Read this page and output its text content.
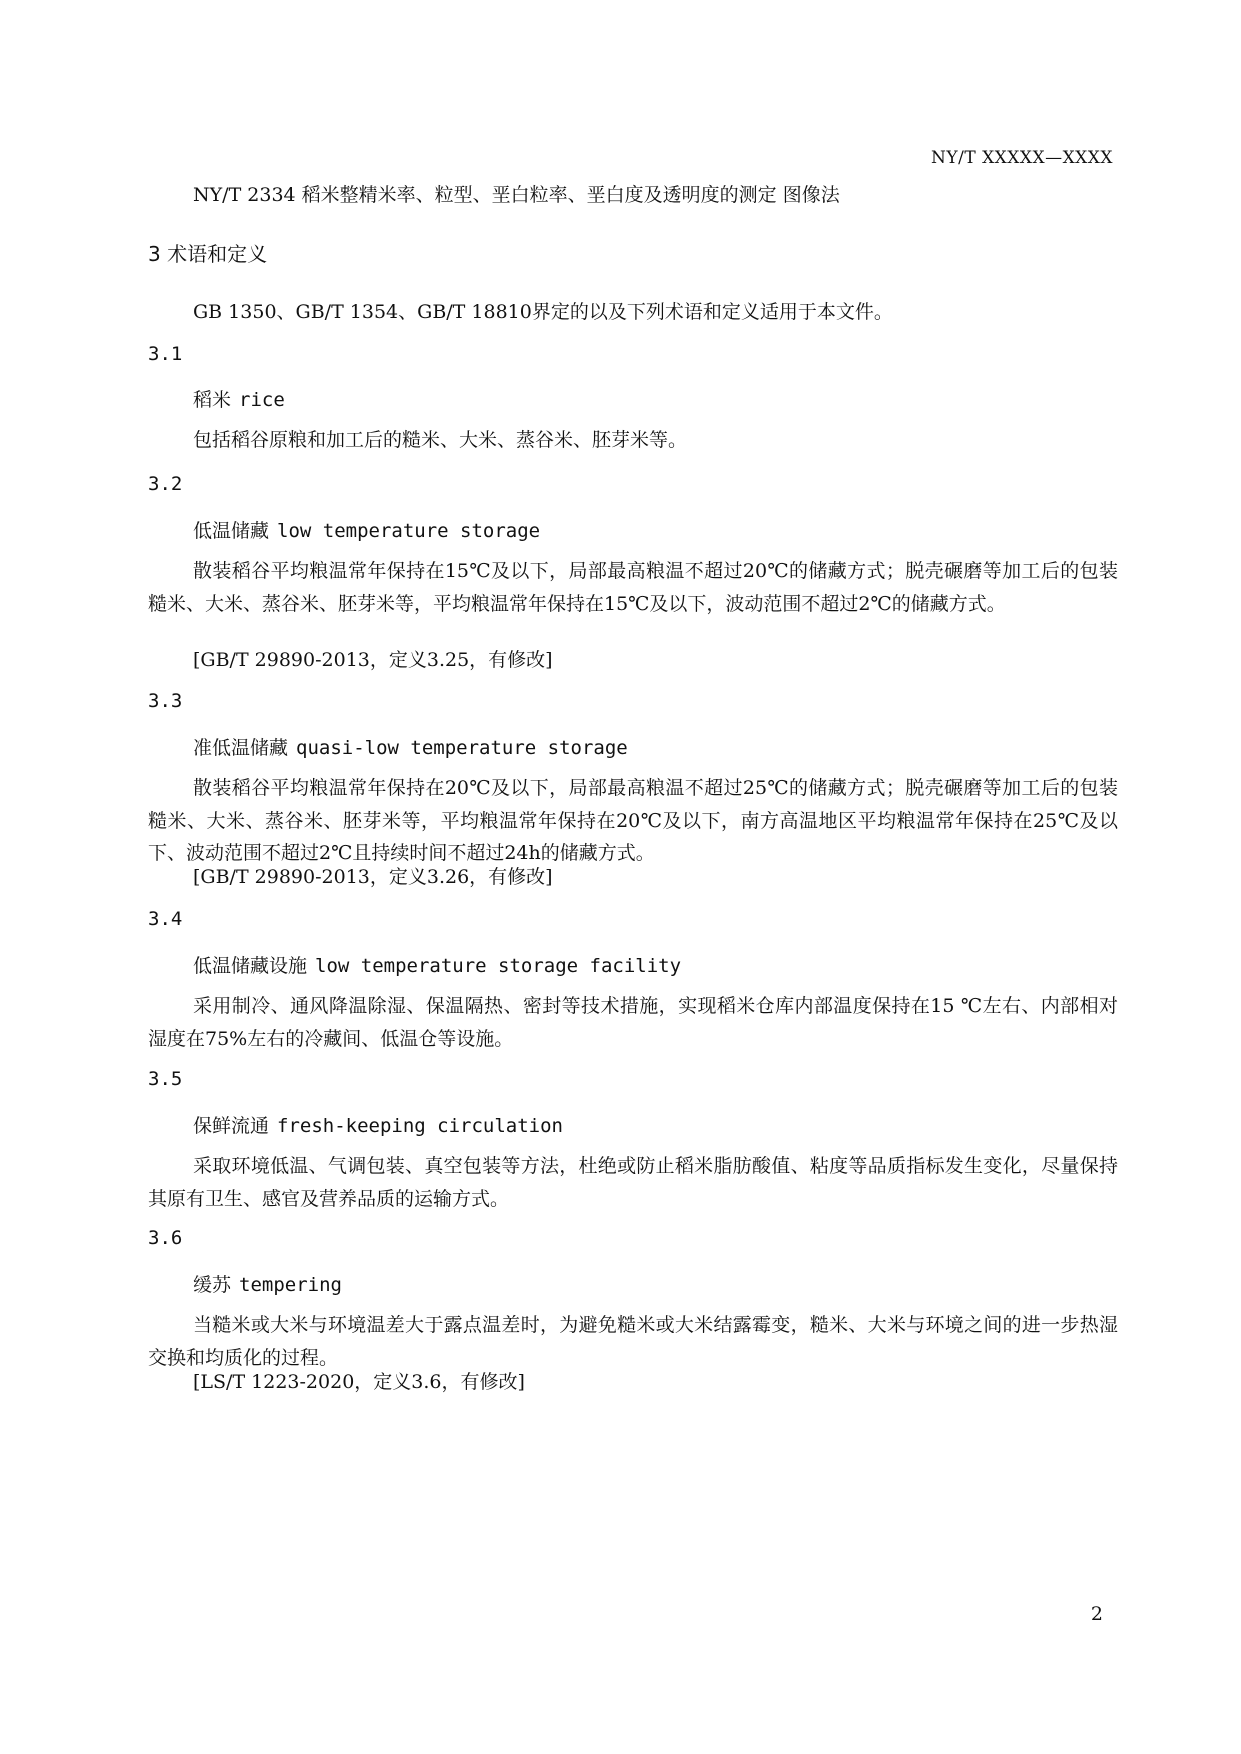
NY/T XXXXX—XXXX
NY/T 2334 稻米整精米率、粒型、垩白粒率、垩白度及透明度的测定 图像法
3 术语和定义
GB 1350、GB/T 1354、GB/T 18810界定的以及下列术语和定义适用于本文件。
3.1
稻米 rice
包括稻谷原粮和加工后的糙米、大米、蒸谷米、胚芽米等。
3.2
低温储藏 low temperature storage
散装稻谷平均粮温常年保持在15℃及以下，局部最高粮温不超过20℃的储藏方式；脱壳碾磨等加工后的包装糙米、大米、蒸谷米、胚芽米等，平均粮温常年保持在15℃及以下，波动范围不超过2℃的储藏方式。
[GB/T 29890-2013，定义3.25，有修改]
3.3
准低温储藏 quasi-low temperature storage
散装稻谷平均粮温常年保持在20℃及以下，局部最高粮温不超过25℃的储藏方式；脱壳碾磨等加工后的包装糙米、大米、蒸谷米、胚芽米等，平均粮温常年保持在20℃及以下，南方高温地区平均粮温常年保持在25℃及以下、波动范围不超过2℃且持续时间不超过24h的储藏方式。
[GB/T 29890-2013，定义3.26，有修改]
3.4
低温储藏设施 low temperature storage facility
采用制冷、通风降温除湿、保温隔热、密封等技术措施，实现稻米仓库内部温度保持在15 ℃左右、内部相对湿度在75%左右的冷藏间、低温仓等设施。
3.5
保鲜流通 fresh-keeping circulation
采取环境低温、气调包装、真空包装等方法，杜绝或防止稻米脂肪酸值、粘度等品质指标发生变化，尽量保持其原有卫生、感官及营养品质的运输方式。
3.6
缓苏 tempering
当糙米或大米与环境温差大于露点温差时，为避免糙米或大米结露霉变，糙米、大米与环境之间的进一步热湿交换和均质化的过程。
[LS/T 1223-2020，定义3.6，有修改]
2
